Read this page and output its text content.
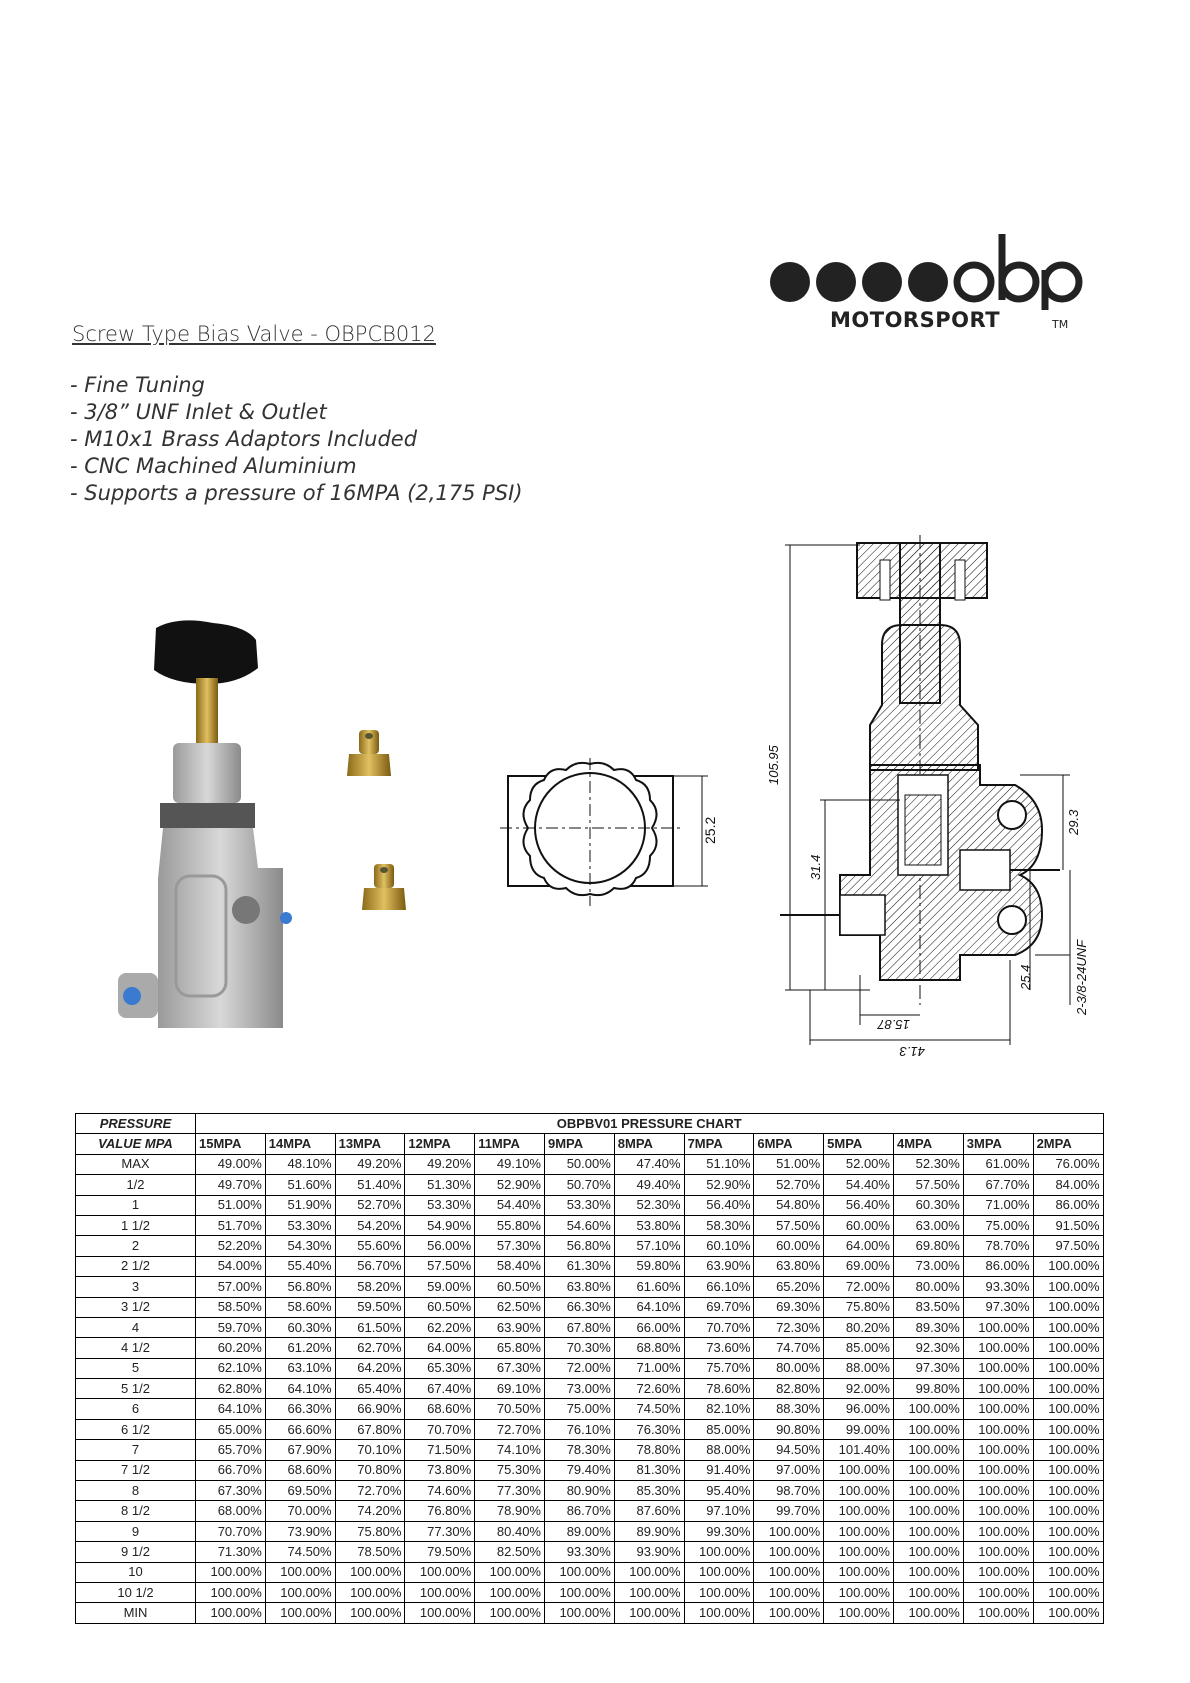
MOTORSPORT	TM
Screw Type Bias Valve - OBPCB012
- Fine Tuning
- 3/8” UNF Inlet & Outlet
- M10x1 Brass Adaptors Included
- CNC Machined Aluminium
- Supports a pressure of 16MPA (2,175 PSI)
25.2
105.95
31.4
29.3
25.4	2-3/8-24UNF
15.87
41.3
PRESSURE	OBPBV01 PRESSURE CHART												
VALUE MPA	15MPA	14MPA	13MPA	12MPA	11MPA	9MPA	8MPA	7MPA	6MPA	5MPA	4MPA	3MPA	2MPA
MAX	49.00%	48.10%	49.20%	49.20%	49.10%	50.00%	47.40%	51.10%	51.00%	52.00%	52.30%	61.00%	76.00%
1/2	49.70%	51.60%	51.40%	51.30%	52.90%	50.70%	49.40%	52.90%	52.70%	54.40%	57.50%	67.70%	84.00%
1	51.00%	51.90%	52.70%	53.30%	54.40%	53.30%	52.30%	56.40%	54.80%	56.40%	60.30%	71.00%	86.00%
1 1/2	51.70%	53.30%	54.20%	54.90%	55.80%	54.60%	53.80%	58.30%	57.50%	60.00%	63.00%	75.00%	91.50%
2	52.20%	54.30%	55.60%	56.00%	57.30%	56.80%	57.10%	60.10%	60.00%	64.00%	69.80%	78.70%	97.50%
2 1/2	54.00%	55.40%	56.70%	57.50%	58.40%	61.30%	59.80%	63.90%	63.80%	69.00%	73.00%	86.00%	100.00%
3	57.00%	56.80%	58.20%	59.00%	60.50%	63.80%	61.60%	66.10%	65.20%	72.00%	80.00%	93.30%	100.00%
3 1/2	58.50%	58.60%	59.50%	60.50%	62.50%	66.30%	64.10%	69.70%	69.30%	75.80%	83.50%	97.30%	100.00%
4	59.70%	60.30%	61.50%	62.20%	63.90%	67.80%	66.00%	70.70%	72.30%	80.20%	89.30%	100.00%	100.00%
4 1/2	60.20%	61.20%	62.70%	64.00%	65.80%	70.30%	68.80%	73.60%	74.70%	85.00%	92.30%	100.00%	100.00%
5	62.10%	63.10%	64.20%	65.30%	67.30%	72.00%	71.00%	75.70%	80.00%	88.00%	97.30%	100.00%	100.00%
5 1/2	62.80%	64.10%	65.40%	67.40%	69.10%	73.00%	72.60%	78.60%	82.80%	92.00%	99.80%	100.00%	100.00%
6	64.10%	66.30%	66.90%	68.60%	70.50%	75.00%	74.50%	82.10%	88.30%	96.00%	100.00%	100.00%	100.00%
6 1/2	65.00%	66.60%	67.80%	70.70%	72.70%	76.10%	76.30%	85.00%	90.80%	99.00%	100.00%	100.00%	100.00%
7	65.70%	67.90%	70.10%	71.50%	74.10%	78.30%	78.80%	88.00%	94.50%	101.40%	100.00%	100.00%	100.00%
7 1/2	66.70%	68.60%	70.80%	73.80%	75.30%	79.40%	81.30%	91.40%	97.00%	100.00%	100.00%	100.00%	100.00%
8	67.30%	69.50%	72.70%	74.60%	77.30%	80.90%	85.30%	95.40%	98.70%	100.00%	100.00%	100.00%	100.00%
8 1/2	68.00%	70.00%	74.20%	76.80%	78.90%	86.70%	87.60%	97.10%	99.70%	100.00%	100.00%	100.00%	100.00%
9	70.70%	73.90%	75.80%	77.30%	80.40%	89.00%	89.90%	99.30%	100.00%	100.00%	100.00%	100.00%	100.00%
9 1/2	71.30%	74.50%	78.50%	79.50%	82.50%	93.30%	93.90%	100.00%	100.00%	100.00%	100.00%	100.00%	100.00%
10	100.00%	100.00%	100.00%	100.00%	100.00%	100.00%	100.00%	100.00%	100.00%	100.00%	100.00%	100.00%	100.00%
10 1/2	100.00%	100.00%	100.00%	100.00%	100.00%	100.00%	100.00%	100.00%	100.00%	100.00%	100.00%	100.00%	100.00%
MIN	100.00%	100.00%	100.00%	100.00%	100.00%	100.00%	100.00%	100.00%	100.00%	100.00%	100.00%	100.00%	100.00%
